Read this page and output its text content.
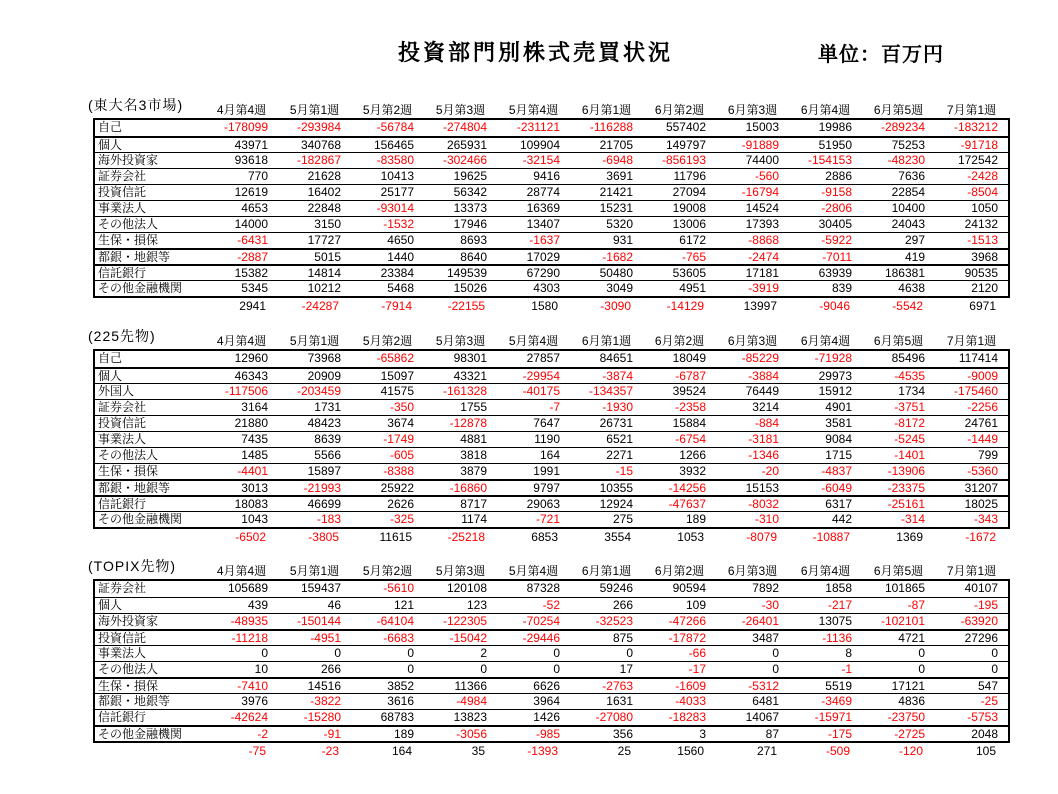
投資部門別株式売買状況	単位：百万円
(東大名3市場)	4月第4週	5月第1週	5月第2週	5月第3週	5月第4週	6月第1週	6月第2週	6月第3週	6月第4週	6月第5週	7月第1週
自己	-178099	-293984	-56784	-274804	-231121	-116288	557402	15003	19986	-289234	-183212
個人	43971	340768	156465	265931	109904	21705	149797	-91889	51950	75253	-91718
海外投資家	93618	-182867	-83580	-302466	-32154	-6948	-856193	74400	-154153	-48230	172542
証券会社	770	21628	10413	19625	9416	3691	11796	-560	2886	7636	-2428
投資信託	12619	16402	25177	56342	28774	21421	27094	-16794	-9158	22854	-8504
事業法人	4653	22848	-93014	13373	16369	15231	19008	14524	-2806	10400	1050
その他法人	14000	3150	-1532	17946	13407	5320	13006	17393	30405	24043	24132
生保・損保	-6431	17727	4650	8693	-1637	931	6172	-8868	-5922	297	-1513
都銀・地銀等	-2887	5015	1440	8640	17029	-1682	-765	-2474	-7011	419	3968
信託銀行	15382	14814	23384	149539	67290	50480	53605	17181	63939	186381	90535
その他金融機関	5345	10212	5468	15026	4303	3049	4951	-3919	839	4638	2120
2941	-24287	-7914	-22155	1580	-3090	-14129	13997	-9046	-5542	6971
(225先物)	4月第4週	5月第1週	5月第2週	5月第3週	5月第4週	6月第1週	6月第2週	6月第3週	6月第4週	6月第5週	7月第1週
自己	12960	73968	-65862	98301	27857	84651	18049	-85229	-71928	85496	117414
個人	46343	20909	15097	43321	-29954	-3874	-6787	-3884	29973	-4535	-9009
外国人	-117506	-203459	41575	-161328	-40175	-134357	39524	76449	15912	1734	-175460
証券会社	3164	1731	-350	1755	-7	-1930	-2358	3214	4901	-3751	-2256
投資信託	21880	48423	3674	-12878	7647	26731	15884	-884	3581	-8172	24761
事業法人	7435	8639	-1749	4881	1190	6521	-6754	-3181	9084	-5245	-1449
その他法人	1485	5566	-605	3818	164	2271	1266	-1346	1715	-1401	799
生保・損保	-4401	15897	-8388	3879	1991	-15	3932	-20	-4837	-13906	-5360
都銀・地銀等	3013	-21993	25922	-16860	9797	10355	-14256	15153	-6049	-23375	31207
信託銀行	18083	46699	2626	8717	29063	12924	-47637	-8032	6317	-25161	18025
その他金融機関	1043	-183	-325	1174	-721	275	189	-310	442	-314	-343
-6502	-3805	11615	-25218	6853	3554	1053	-8079	-10887	1369	-1672
(TOPIX先物)	4月第4週	5月第1週	5月第2週	5月第3週	5月第4週	6月第1週	6月第2週	6月第3週	6月第4週	6月第5週	7月第1週
証券会社	105689	159437	-5610	120108	87328	59246	90594	7892	1858	101865	40107
個人	439	46	121	123	-52	266	109	-30	-217	-87	-195
海外投資家	-48935	-150144	-64104	-122305	-70254	-32523	-47266	-26401	13075	-102101	-63920
投資信託	-11218	-4951	-6683	-15042	-29446	875	-17872	3487	-1136	4721	27296
事業法人	0	0	0	2	0	0	-66	0	8	0	0
その他法人	10	266	0	0	0	17	-17	0	-1	0	0
生保・損保	-7410	14516	3852	11366	6626	-2763	-1609	-5312	5519	17121	547
都銀・地銀等	3976	-3822	3616	-4984	3964	1631	-4033	6481	-3469	4836	-25
信託銀行	-42624	-15280	68783	13823	1426	-27080	-18283	14067	-15971	-23750	-5753
その他金融機関	-2	-91	189	-3056	-985	356	3	87	-175	-2725	2048
-75	-23	164	35	-1393	25	1560	271	-509	-120	105
